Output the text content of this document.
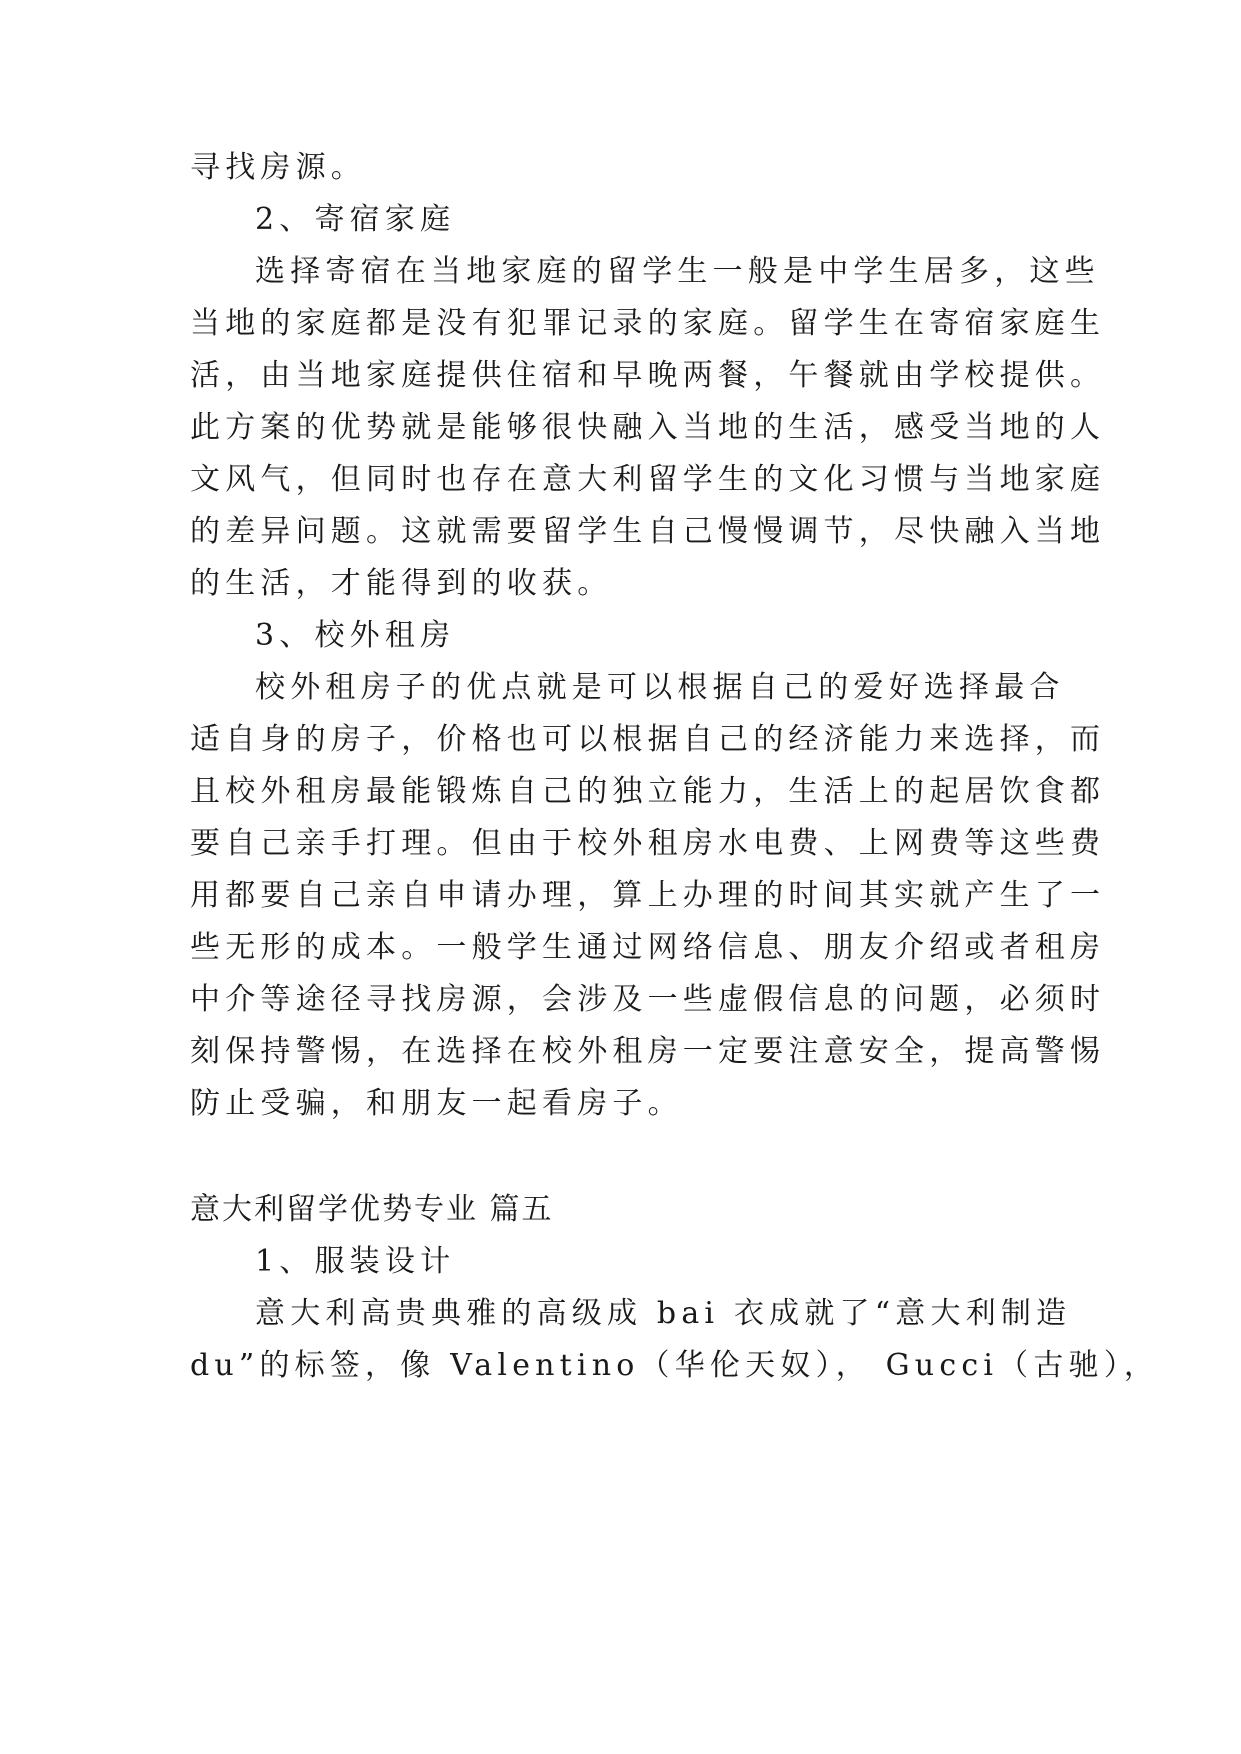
寻找房源。
2、寄宿家庭
选择寄宿在当地家庭的留学生一般是中学生居多，这些
当地的家庭都是没有犯罪记录的家庭。留学生在寄宿家庭生
活，由当地家庭提供住宿和早晚两餐，午餐就由学校提供。
此方案的优势就是能够很快融入当地的生活，感受当地的人
文风气，但同时也存在意大利留学生的文化习惯与当地家庭
的差异问题。这就需要留学生自己慢慢调节，尽快融入当地
的生活，才能得到的收获。
3、校外租房
校外租房子的优点就是可以根据自己的爱好选择最合
适自身的房子，价格也可以根据自己的经济能力来选择，而
且校外租房最能锻炼自己的独立能力，生活上的起居饮食都
要自己亲手打理。但由于校外租房水电费、上网费等这些费
用都要自己亲自申请办理，算上办理的时间其实就产生了一
些无形的成本。一般学生通过网络信息、朋友介绍或者租房
中介等途径寻找房源，会涉及一些虚假信息的问题，必须时
刻保持警惕，在选择在校外租房一定要注意安全，提高警惕
防止受骗，和朋友一起看房子。
意大利留学优势专业 篇五
1、服装设计
意大利高贵典雅的高级成 bai 衣成就了“意大利制造
du”的标签，像 Valentino（华伦天奴）， Gucci（古驰），
